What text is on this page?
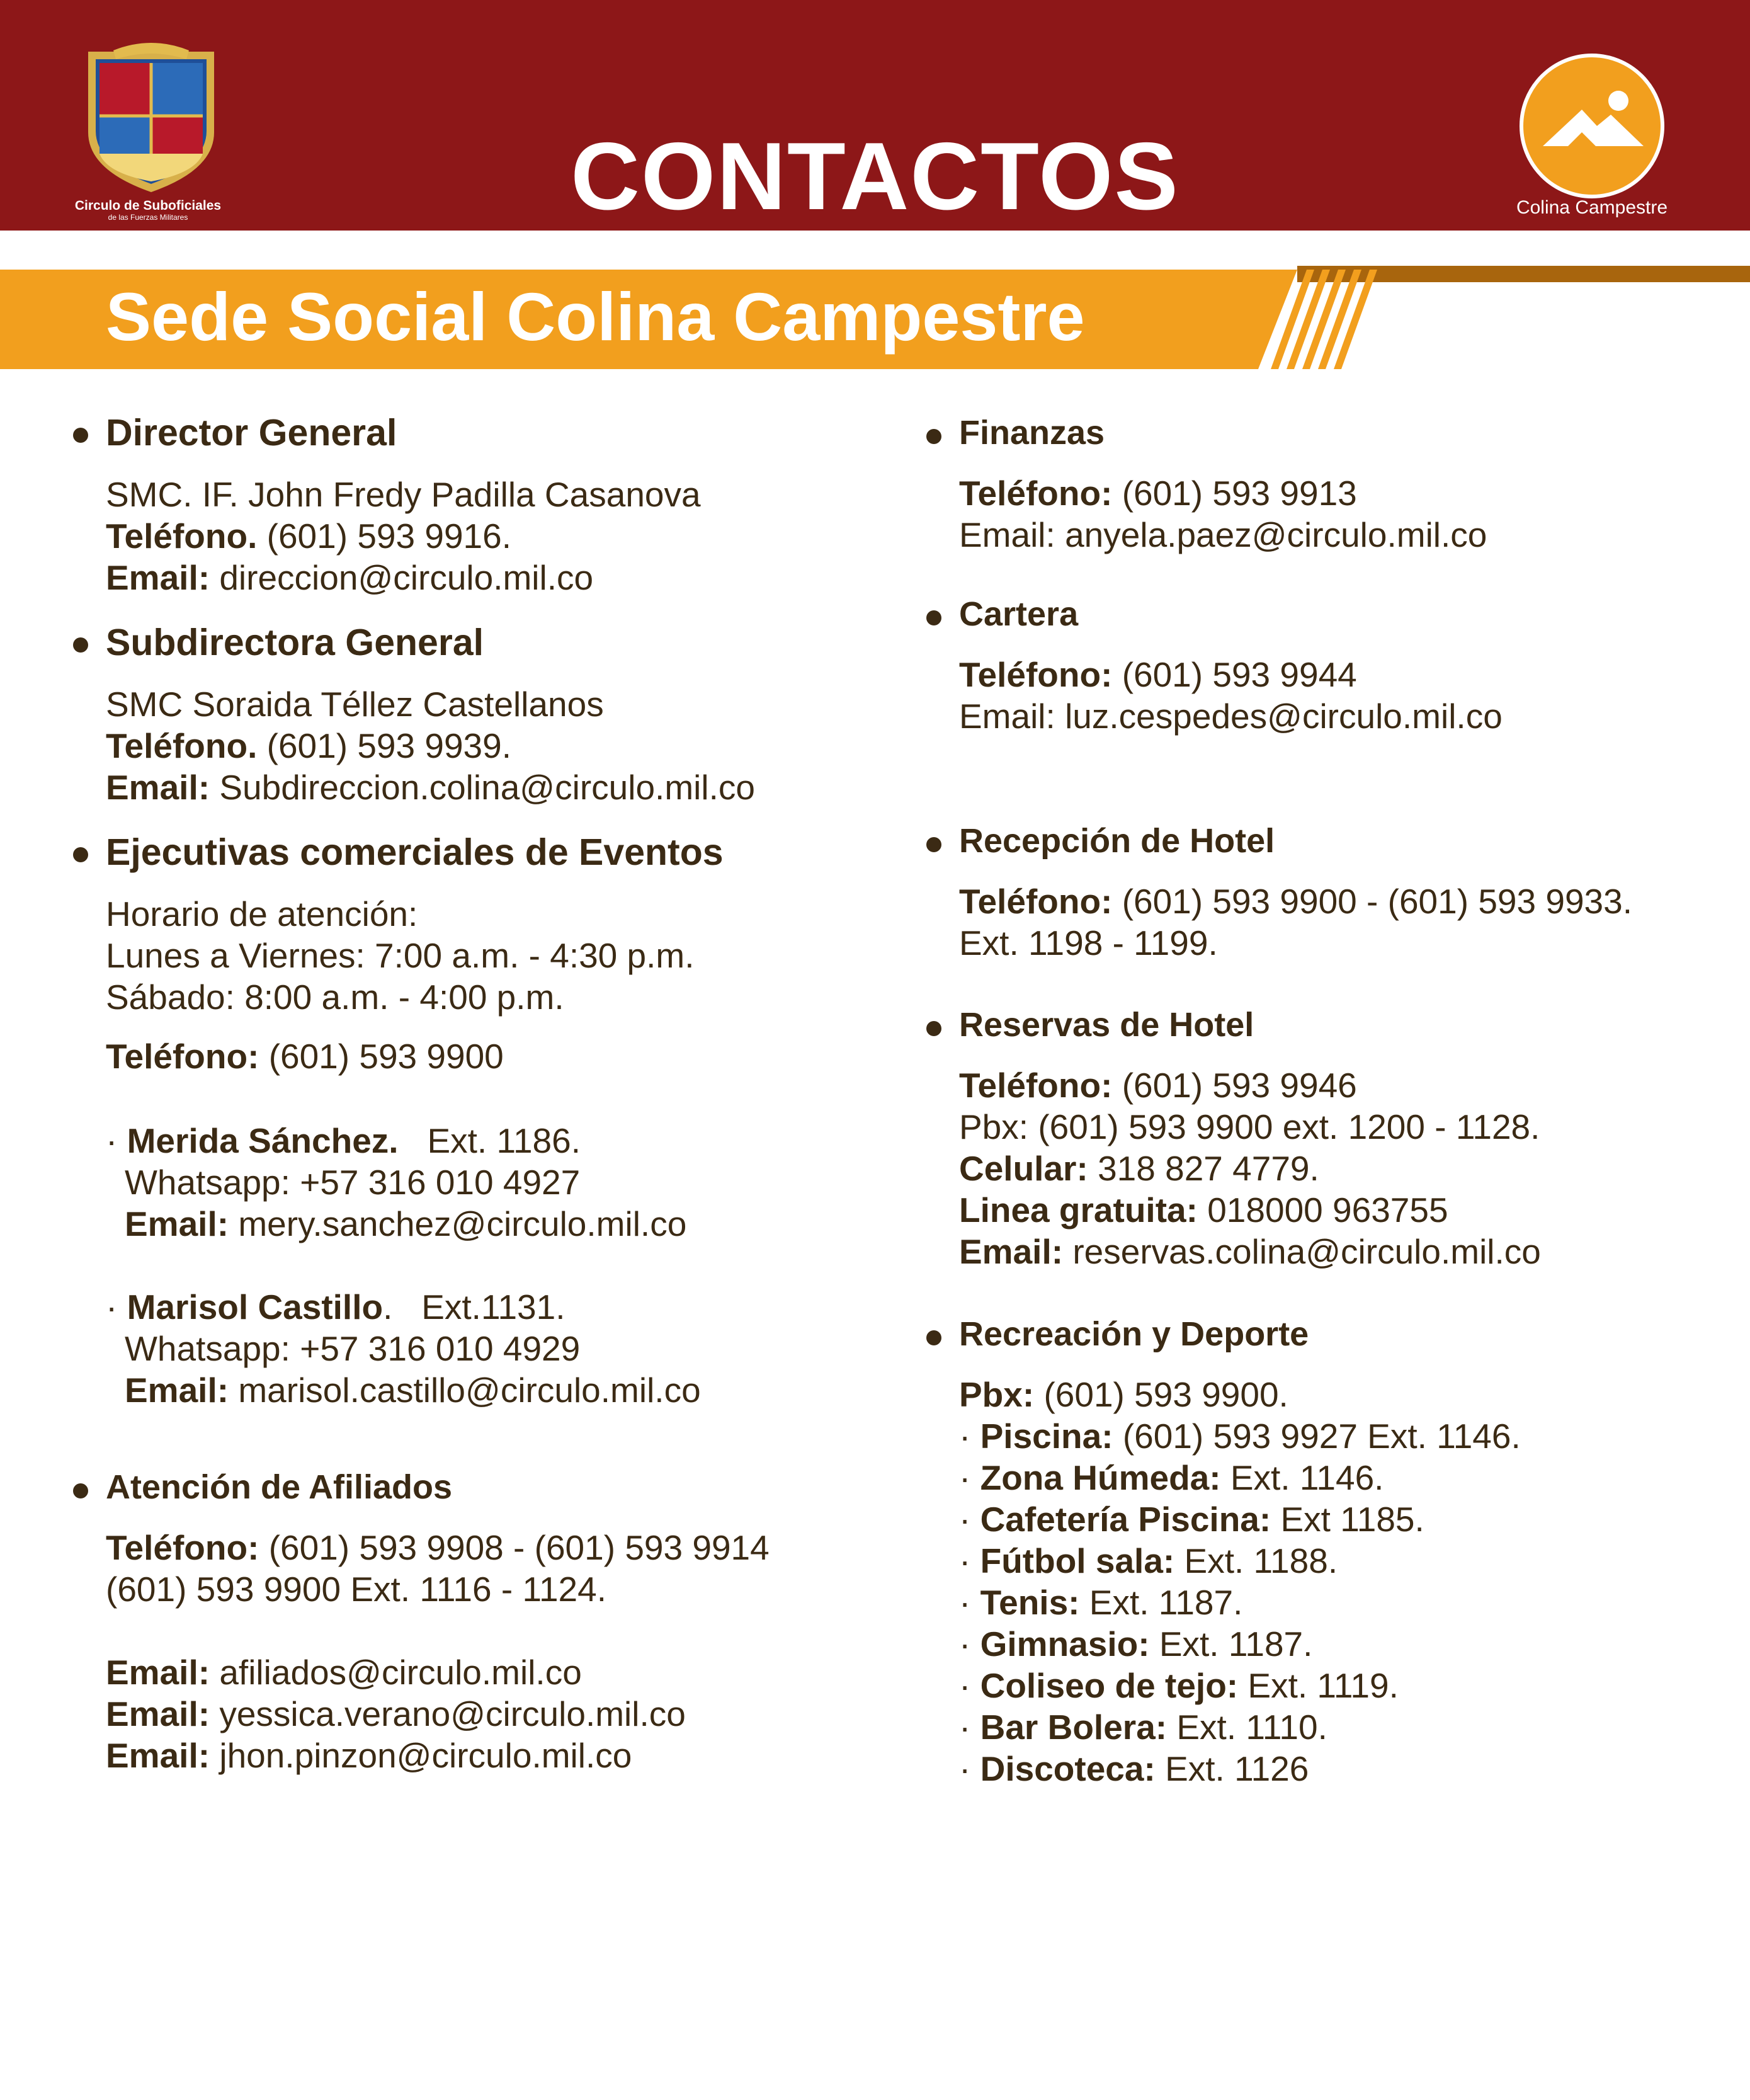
Circulo de Suboficiales
de las Fuerzas Militares	CONTACTOS	Colina Campestre
Sede Social Colina Campestre
Director General
SMC. IF. John Fredy Padilla Casanova
Teléfono. (601) 593 9916.
Email: direccion@circulo.mil.co
Subdirectora General
SMC Soraida Téllez Castellanos
Teléfono. (601) 593 9939.
Email: Subdireccion.colina@circulo.mil.co
Ejecutivas comerciales de Eventos
Horario de atención:
Lunes a Viernes: 7:00 a.m. - 4:30 p.m.
Sábado: 8:00 a.m. - 4:00 p.m.
Teléfono: (601) 593 9900
· Merida Sánchez. Ext. 1186.
Whatsapp: +57 316 010 4927
Email: mery.sanchez@circulo.mil.co
· Marisol Castillo. Ext.1131.
Whatsapp: +57 316 010 4929
Email: marisol.castillo@circulo.mil.co
Atención de Afiliados
Teléfono: (601) 593 9908 - (601) 593 9914
(601) 593 9900 Ext. 1116 - 1124.
Email: afiliados@circulo.mil.co
Email: yessica.verano@circulo.mil.co
Email: jhon.pinzon@circulo.mil.co
Finanzas
Teléfono: (601) 593 9913
Email: anyela.paez@circulo.mil.co
Cartera
Teléfono: (601) 593 9944
Email: luz.cespedes@circulo.mil.co
Recepción de Hotel
Teléfono: (601) 593 9900 - (601) 593 9933.
Ext. 1198 - 1199.
Reservas de Hotel
Teléfono: (601) 593 9946
Pbx: (601) 593 9900 ext. 1200 - 1128.
Celular: 318 827 4779.
Linea gratuita: 018000 963755
Email: reservas.colina@circulo.mil.co
Recreación y Deporte
Pbx: (601) 593 9900.
· Piscina: (601) 593 9927 Ext. 1146.
· Zona Húmeda: Ext. 1146.
· Cafetería Piscina: Ext 1185.
· Fútbol sala: Ext. 1188.
· Tenis: Ext. 1187.
· Gimnasio: Ext. 1187.
· Coliseo de tejo: Ext. 1119.
· Bar Bolera: Ext. 1110.
· Discoteca: Ext. 1126
